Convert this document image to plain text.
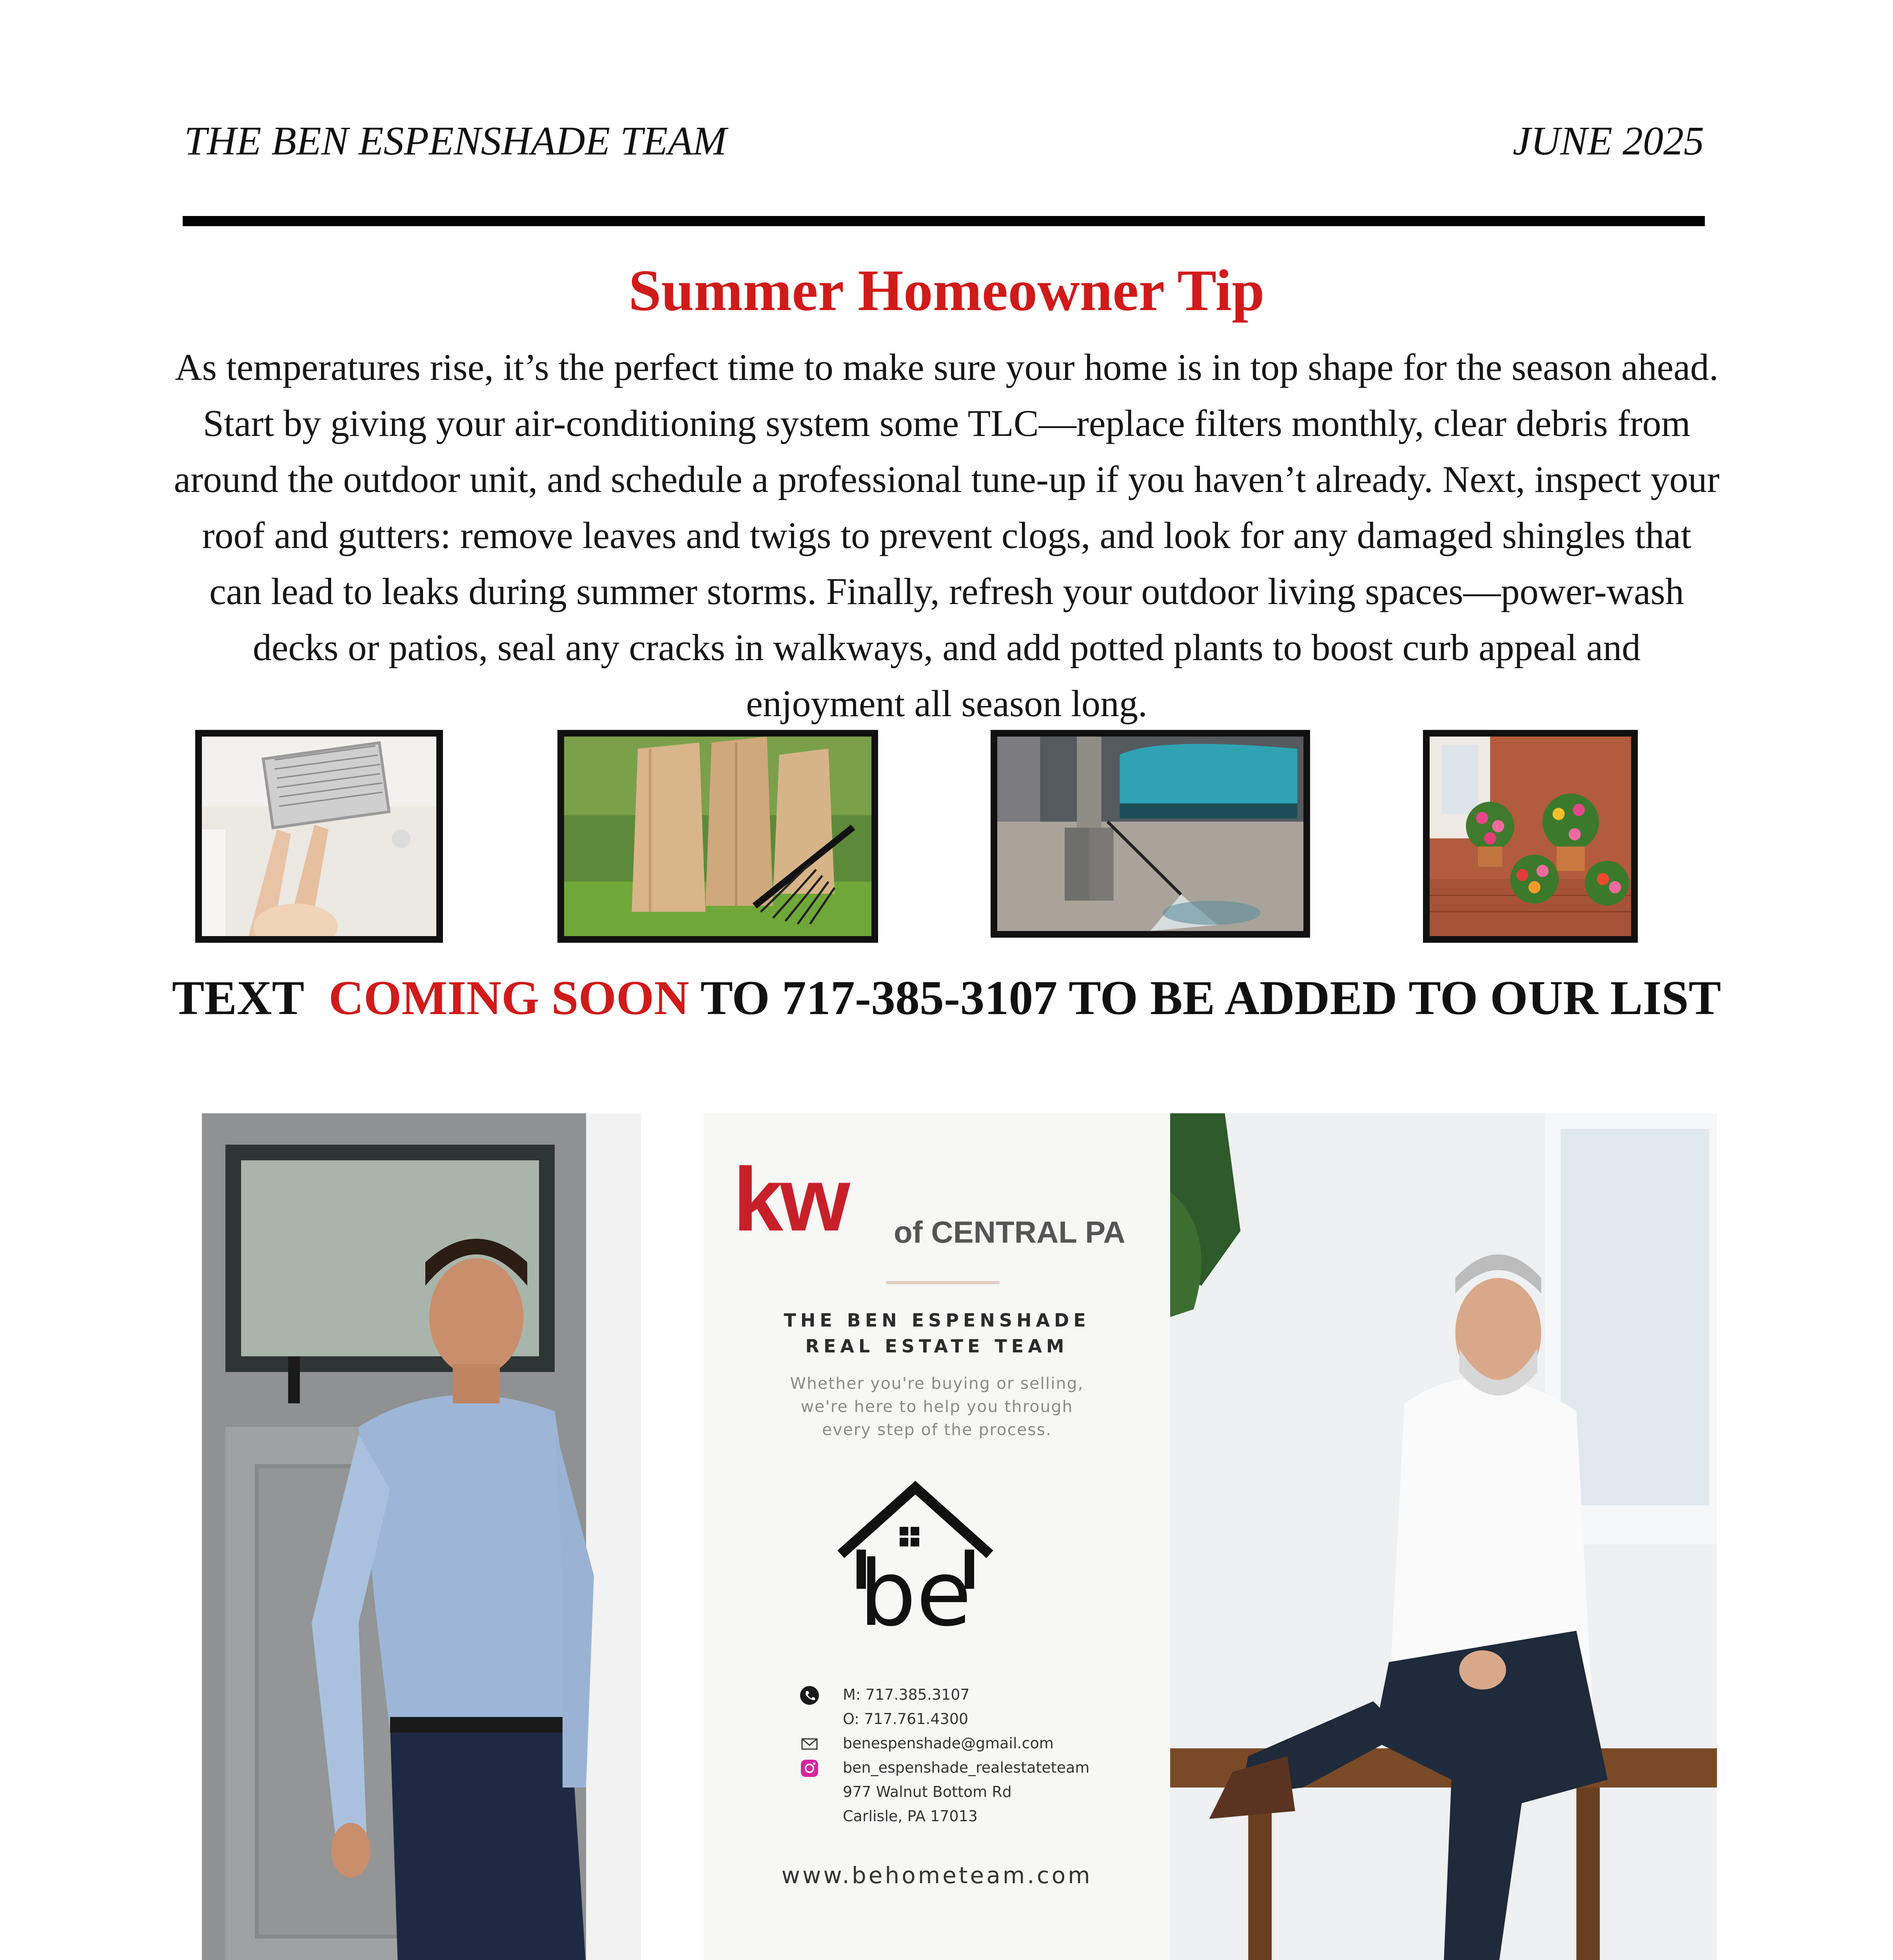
THE BEN ESPENSHADE TEAM	JUNE 2025
Summer Homeowner Tip
As temperatures rise, it’s the perfect time to make sure your home is in top shape for the season ahead. Start by giving your air-conditioning system some TLC—replace filters monthly, clear debris from around the outdoor unit, and schedule a professional tune-up if you haven’t already. Next, inspect your roof and gutters: remove leaves and twigs to prevent clogs, and look for any damaged shingles that can lead to leaks during summer storms. Finally, refresh your outdoor living spaces—power-wash decks or patios, seal any cracks in walkways, and add potted plants to boost curb appeal and enjoyment all season long.
TEXT COMING SOON TO 717-385-3107 TO BE ADDED TO OUR LIST
kw of CENTRAL PA
THE BEN ESPENSHADE
REAL ESTATE TEAM
Whether you're buying or selling,
we're here to help you through
every step of the process.
be
M: 717.385.3107
O: 717.761.4300
benespenshade@gmail.com
ben_espenshade_realestateteam
977 Walnut Bottom Rd
Carlisle, PA 17013
www.behometeam.com
